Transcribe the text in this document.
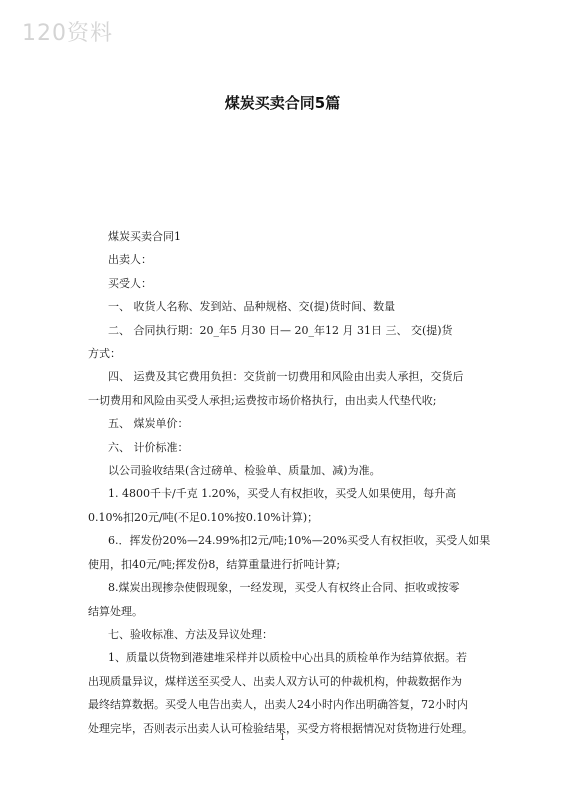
120资料
煤炭买卖合同5篇

煤炭买卖合同1

出卖人：

买受人：

一、 收货人名称、发到站、品种规格、交(提)货时间、数量

二、 合同执行期：20_年5 月30 日— 20_年12 月 31日 三、 交(提)货

方式：

四、 运费及其它费用负担：交货前一切费用和风险由出卖人承担，交货后

一切费用和风险由买受人承担;运费按市场价格执行，由出卖人代垫代收;

五、 煤炭单价：

六、 计价标准：

以公司验收结果(含过磅单、检验单、质量加、减)为准。

1. 4800千卡/千克 1.20%，买受人有权拒收，买受人如果使用，每升高

0.10%扣20元/吨(不足0.10%按0.10%计算)；

6.．挥发份20%—24.99%扣2元/吨;10%—20%买受人有权拒收，买受人如果

使用，扣40元/吨;挥发份8，结算重量进行折吨计算;

8.煤炭出现掺杂使假现象，一经发现，买受人有权终止合同、拒收或按零

结算处理。

七、验收标准、方法及异议处理：

1、质量以货物到港建堆采样并以质检中心出具的质检单作为结算依据。若

出现质量异议，煤样送至买受人、出卖人双方认可的仲裁机构，仲裁数据作为

最终结算数据。买受人电告出卖人，出卖人24小时内作出明确答复，72小时内

处理完毕，否则表示出卖人认可检验结果，买受方将根据情况对货物进行处理。

1
